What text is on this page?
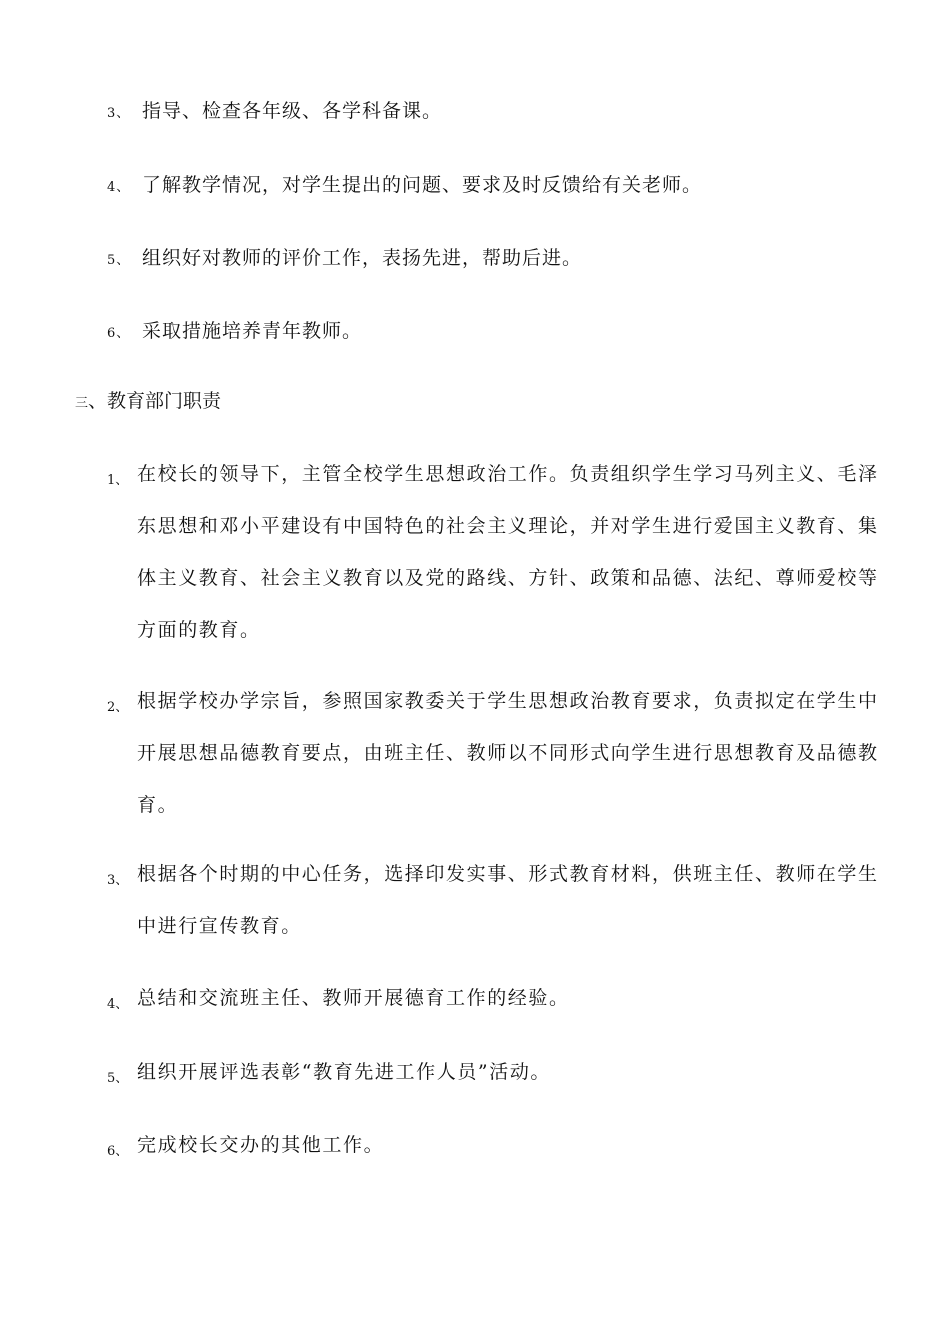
3、 指导、检查各年级、各学科备课。
4、 了解教学情况，对学生提出的问题、要求及时反馈给有关老师。
5、 组织好对教师的评价工作，表扬先进，帮助后进。
6、 采取措施培养青年教师。
三、教育部门职责
1、 在校长的领导下，主管全校学生思想政治工作。负责组织学生学习马列主义、毛泽东思想和邓小平建设有中国特色的社会主义理论，并对学生进行爱国主义教育、集体主义教育、社会主义教育以及党的路线、方针、政策和品德、法纪、尊师爱校等方面的教育。
2、 根据学校办学宗旨，参照国家教委关于学生思想政治教育要求，负责拟定在学生中开展思想品德教育要点，由班主任、教师以不同形式向学生进行思想教育及品德教育。
3、 根据各个时期的中心任务，选择印发实事、形式教育材料，供班主任、教师在学生中进行宣传教育。
4、 总结和交流班主任、教师开展德育工作的经验。
5、 组织开展评选表彰“教育先进工作人员”活动。
6、 完成校长交办的其他工作。
